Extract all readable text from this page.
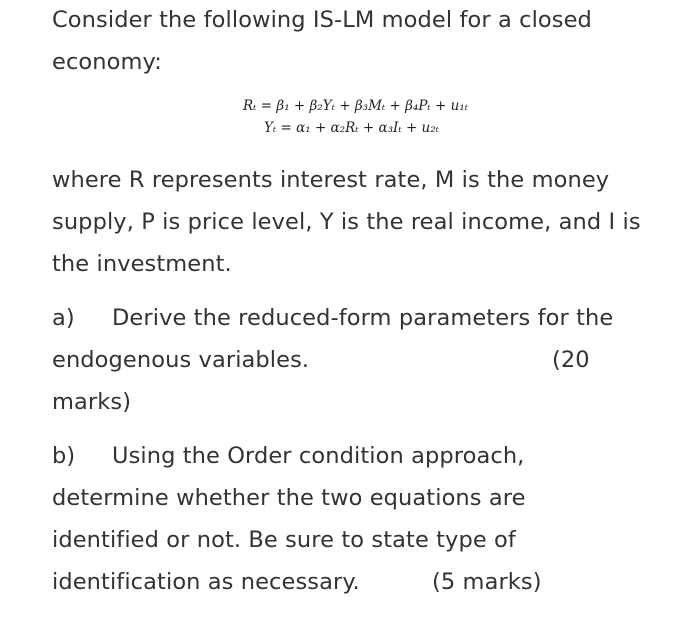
Consider the following IS-LM model for a closed

economy:

Rₜ = β₁ + β₂Yₜ + β₃Mₜ + β₄Pₜ + u₁ₜ
Yₜ = α₁ + α₂Rₜ + α₃Iₜ + u₂ₜ

where R represents interest rate, M is the money

supply, P is price level, Y is the real income, and I is

the investment.

a) Derive the reduced-form parameters for the

endogenous variables.	(20

marks)

b) Using the Order condition approach,

determine whether the two equations are

identified or not. Be sure to state type of

identification as necessary.	(5 marks)
